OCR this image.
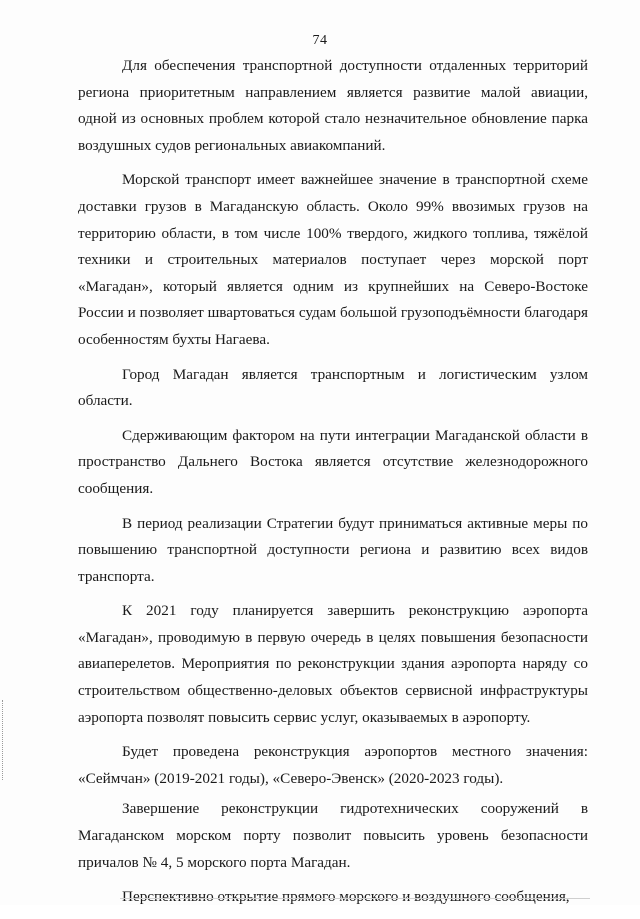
74

Для обеспечения транспортной доступности отдаленных территорий региона приоритетным направлением является развитие малой авиации, одной из основных проблем которой стало незначительное обновление парка воздушных судов региональных авиакомпаний.

Морской транспорт имеет важнейшее значение в транспортной схеме доставки грузов в Магаданскую область. Около 99% ввозимых грузов на территорию области, в том числе 100% твердого, жидкого топлива, тяжёлой техники и строительных материалов поступает через морской порт «Магадан», который является одним из крупнейших на Северо-Востоке России и позволяет швартоваться судам большой грузоподъёмности благодаря особенностям бухты Нагаева.

Город Магадан является транспортным и логистическим узлом области.

Сдерживающим фактором на пути интеграции Магаданской области в пространство Дальнего Востока является отсутствие железнодорожного сообщения.

В период реализации Стратегии будут приниматься активные меры по повышению транспортной доступности региона и развитию всех видов транспорта.

К 2021 году планируется завершить реконструкцию аэропорта «Магадан», проводимую в первую очередь в целях повышения безопасности авиаперелетов. Мероприятия по реконструкции здания аэропорта наряду со строительством общественно-деловых объектов сервисной инфраструктуры аэропорта позволят повысить сервис услуг, оказываемых в аэропорту.

Будет проведена реконструкция аэропортов местного значения: «Сеймчан» (2019-2021 годы), «Северо-Эвенск» (2020-2023 годы).

Завершение реконструкции гидротехнических сооружений в Магаданском морском порту позволит повысить уровень безопасности причалов № 4, 5 морского порта Магадан.

Перспективно открытие прямого морского и воздушного сообщения,
